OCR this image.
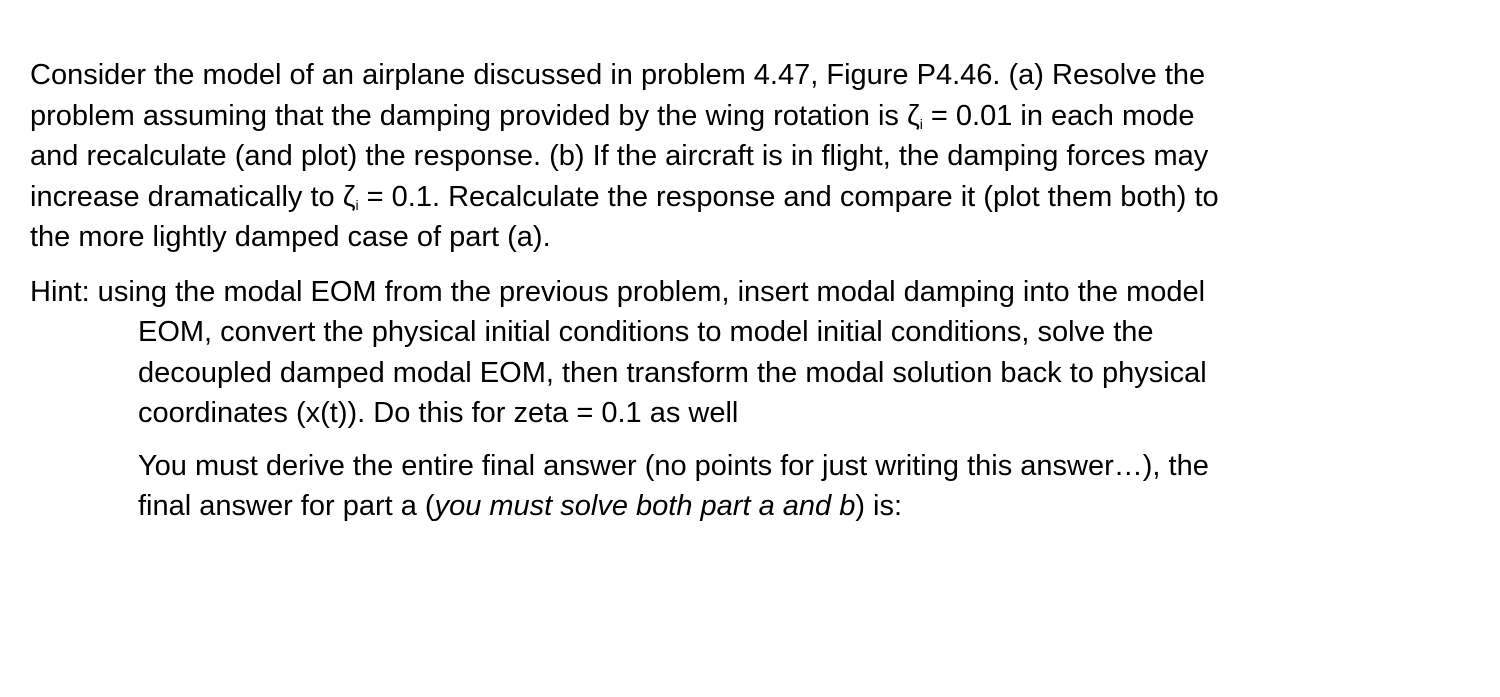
Consider the model of an airplane discussed in problem 4.47, Figure P4.46. (a) Resolve the
problem assuming that the damping provided by the wing rotation is $\zeta_i = 0.01$ in each mode
and recalculate (and plot) the response. (b) If the aircraft is in flight, the damping forces may
increase dramatically to $\zeta_i = 0.1$. Recalculate the response and compare it (plot them both) to
the more lightly damped case of part (a).

Hint: using the modal EOM from the previous problem, insert modal damping into the model
EOM, convert the physical initial conditions to model initial conditions, solve the
decoupled damped modal EOM, then transform the modal solution back to physical
coordinates (x(t)). Do this for zeta = 0.1 as well

You must derive the entire final answer (no points for just writing this answer…), the
final answer for part a (you must solve both part a and b) is:
